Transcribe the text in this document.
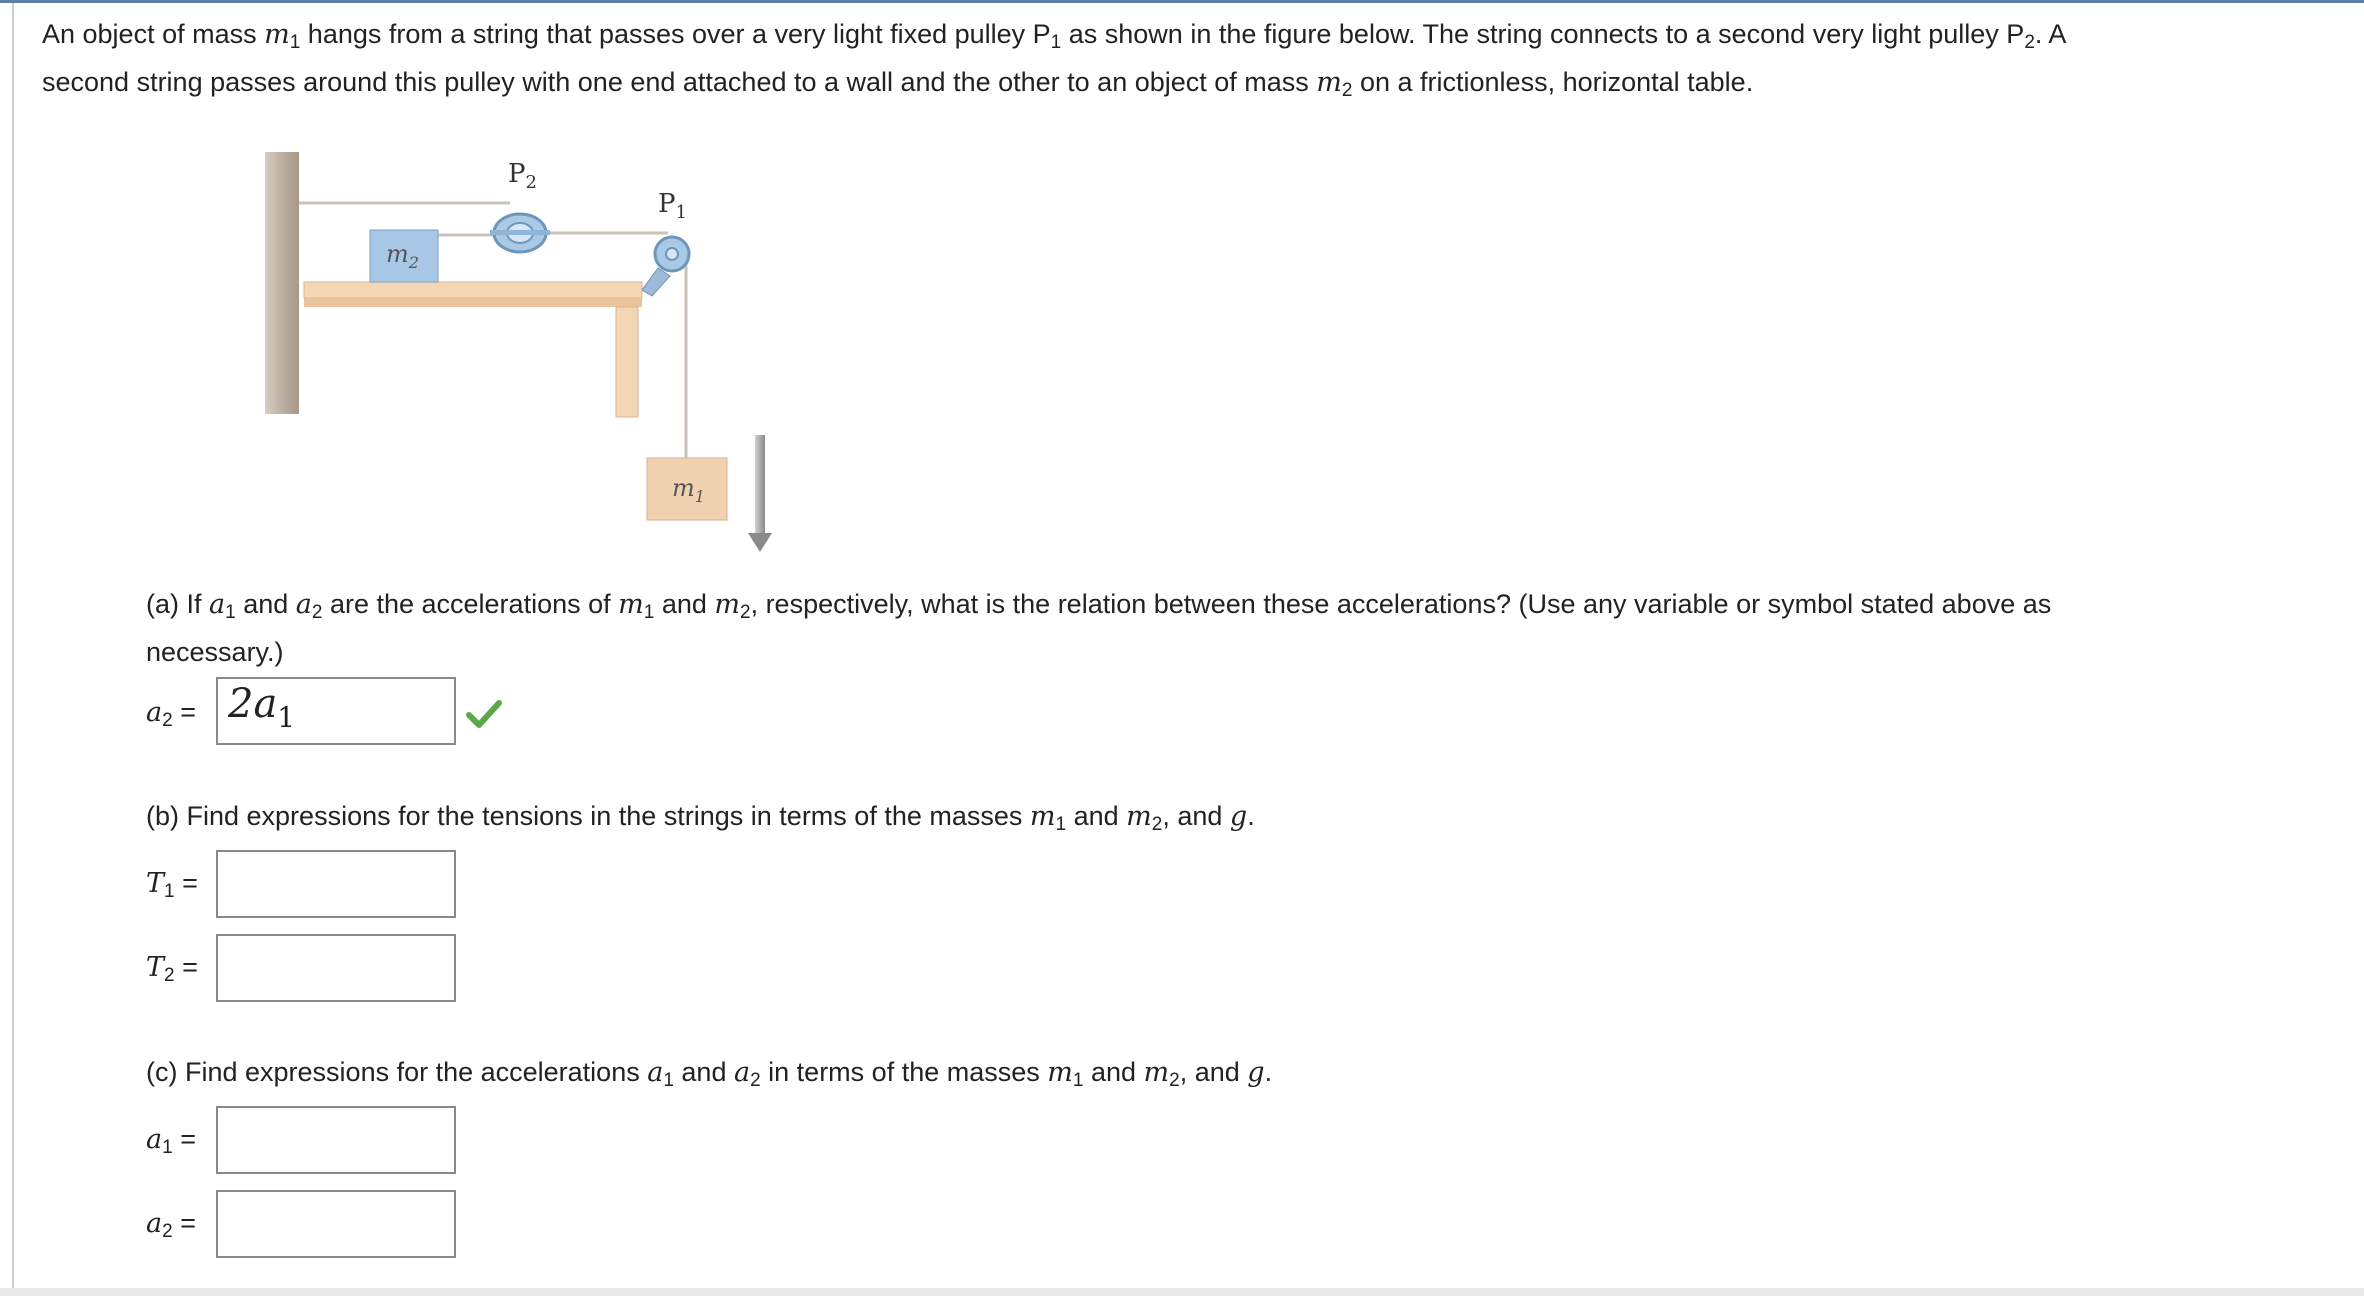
An object of mass $m_1$ hangs from a string that passes over a very light fixed pulley $P_1$ as shown in the figure below. The string connects to a second very light pulley $P_2$. A
second string passes around this pulley with one end attached to a wall and the other to an object of mass $m_2$ on a frictionless, horizontal table.
$P_2$
$P_1$
$m_2$
$m_1$
(a) If $a_1$ and $a_2$ are the accelerations of $m_1$ and $m_2$, respectively, what is the relation between these accelerations? (Use any variable or symbol stated above as
necessary.)
$a_2 = 2a_1$
(b) Find expressions for the tensions in the strings in terms of the masses $m_1$ and $m_2$, and g.
$T_1$ =
$T_2$ =
(c) Find expressions for the accelerations $a_1$ and $a_2$ in terms of the masses $m_1$ and $m_2$, and g.
$a_1$ =
$a_2$ =
